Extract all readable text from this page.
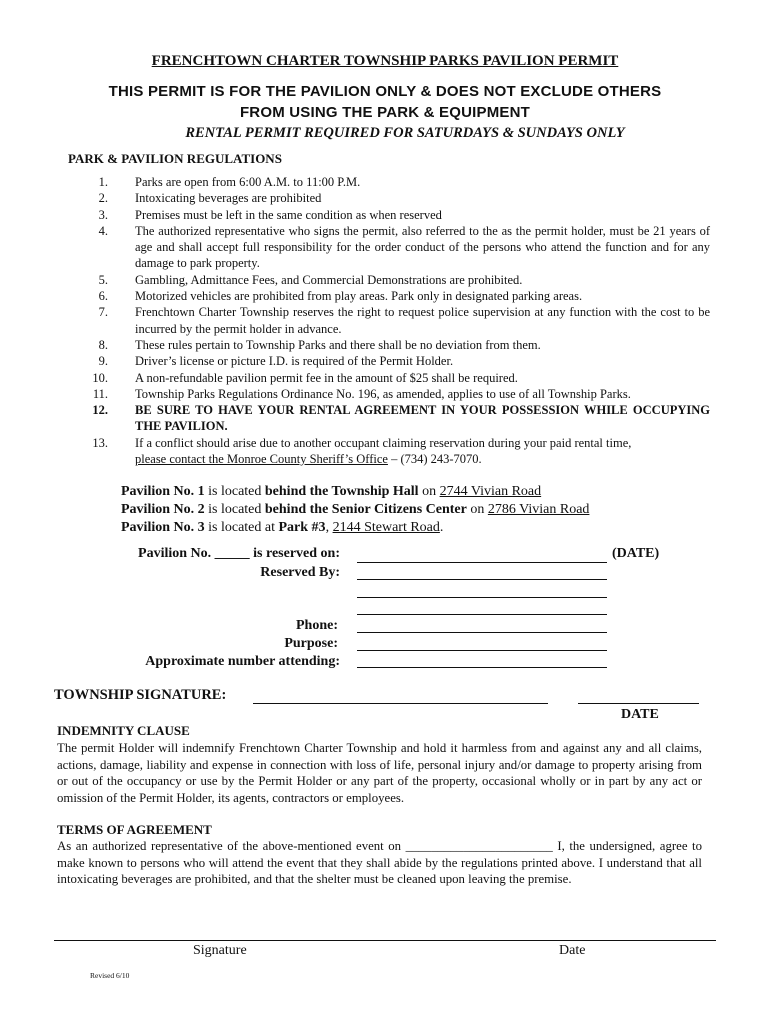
FRENCHTOWN CHARTER TOWNSHIP PARKS PAVILION PERMIT
THIS PERMIT IS FOR THE PAVILION ONLY & DOES NOT EXCLUDE OTHERS
FROM USING THE PARK & EQUIPMENT
RENTAL PERMIT REQUIRED FOR SATURDAYS & SUNDAYS ONLY
PARK & PAVILION REGULATIONS
1.	Parks are open from 6:00 A.M. to 11:00 P.M.
2.	Intoxicating beverages are prohibited
3.	Premises must be left in the same condition as when reserved
4.	The authorized representative who signs the permit, also referred to the as the permit holder, must be 21 years of age and shall accept full responsibility for the order conduct of the persons who attend the function and for any damage to park property.
5.	Gambling, Admittance Fees, and Commercial Demonstrations are prohibited.
6.	Motorized vehicles are prohibited from play areas. Park only in designated parking areas.
7.	Frenchtown Charter Township reserves the right to request police supervision at any function with the cost to be incurred by the permit holder in advance.
8.	These rules pertain to Township Parks and there shall be no deviation from them.
9.	Driver’s license or picture I.D. is required of the Permit Holder.
10.	A non-refundable pavilion permit fee in the amount of $25 shall be required.
11.	Township Parks Regulations Ordinance No. 196, as amended, applies to use of all Township Parks.
12.	BE SURE TO HAVE YOUR RENTAL AGREEMENT IN YOUR POSSESSION WHILE OCCUPYING THE PAVILION.
13.	If a conflict should arise due to another occupant claiming reservation during your paid rental time,
please contact the Monroe County Sheriff’s Office – (734) 243-7070.
Pavilion No. 1 is located behind the Township Hall on 2744 Vivian Road
Pavilion No. 2 is located behind the Senior Citizens Center on 2786 Vivian Road
Pavilion No. 3 is located at Park #3, 2144 Stewart Road.
Pavilion No. _____ is reserved on:	(DATE)
Reserved By:
Phone:
Purpose:
Approximate number attending:
TOWNSHIP SIGNATURE:
DATE
INDEMNITY CLAUSE
The permit Holder will indemnify Frenchtown Charter Township and hold it harmless from and against any and all claims, actions, damage, liability and expense in connection with loss of life, personal injury and/or damage to property arising from or out of the occupancy or use by the Permit Holder or any part of the property, occasional wholly or in part by any act or omission of the Permit Holder, its agents, contractors or employees.
TERMS OF AGREEMENT
As an authorized representative of the above-mentioned event on _______________________ I, the undersigned, agree to make known to persons who will attend the event that they shall abide by the regulations printed above. I understand that all intoxicating beverages are prohibited, and that the shelter must be cleaned upon leaving the premise.
Signature	Date
Revised 6/10
